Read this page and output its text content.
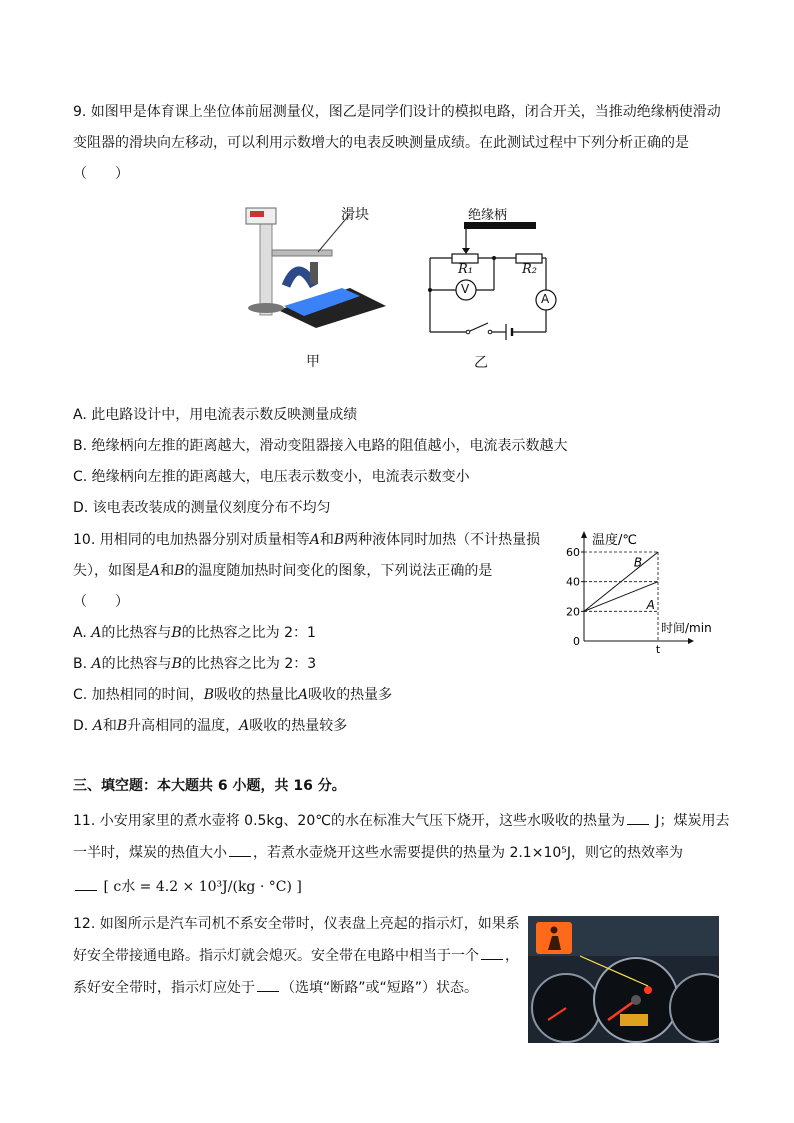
9. 如图甲是体育课上坐位体前屈测量仪，图乙是同学们设计的模拟电路，闭合开关，当推动绝缘柄使滑动
变阻器的滑块向左移动，可以利用示数增大的电表反映测量成绩。在此测试过程中下列分析正确的是
（　　）
滑块
甲
绝缘柄
R₁	R₂
V
A
乙
A. 此电路设计中，用电流表示数反映测量成绩
B. 绝缘柄向左推的距离越大，滑动变阻器接入电路的阻值越小，电流表示数越大
C. 绝缘柄向左推的距离越大，电压表示数变小，电流表示数变小
D. 该电表改装成的测量仪刻度分布不均匀
10. 用相同的电加热器分别对质量相等A和B两种液体同时加热（不计热量损
失），如图是A和B的温度随加热时间变化的图象，下列说法正确的是
（　　）
A. A的比热容与B的比热容之比为 2：1
B. A的比热容与B的比热容之比为 2：3
C. 加热相同的时间，B吸收的热量比A吸收的热量多
D. A和B升高相同的温度，A吸收的热量较多
0
20
40
60
t
温度/℃
时间/min
B
A
三、填空题：本大题共 6 小题，共 16 分。
11. 小安用家里的煮水壶将 0.5kg、20℃的水在标准大气压下烧开，这些水吸收的热量为 J；煤炭用去
一半时，煤炭的热值大小 ，若煮水壶烧开这些水需要提供的热量为 2.1×10⁵J，则它的热效率为
[ c水 = 4.2 × 10³J/(kg · °C) ]
12. 如图所示是汽车司机不系安全带时，仪表盘上亮起的指示灯，如果系
好安全带接通电路。指示灯就会熄灭。安全带在电路中相当于一个 ，
系好安全带时，指示灯应处于 （选填“断路”或“短路”）状态。
